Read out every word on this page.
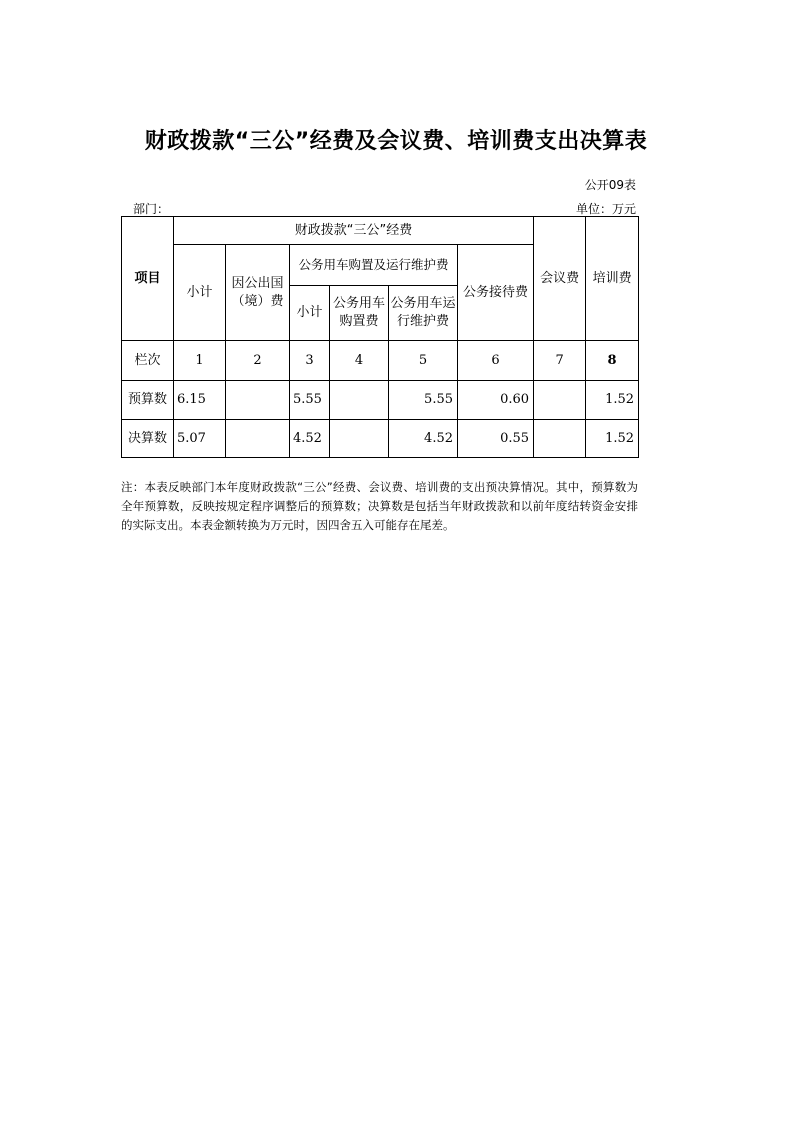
财政拨款“三公”经费及会议费、培训费支出决算表
公开09表
部门：	单位：万元
项目	财政拨款“三公”经费						会议费	培训费
	小计	因公出国（境）费	公务用车购置及运行维护费			公务接待费		
			小计	公务用车购置费	公务用车运行维护费			
栏次	1	2	3	4	5	6	7	8
预算数	6.15		5.55		5.55	0.60		1.52
决算数	5.07		4.52		4.52	0.55		1.52
注：本表反映部门本年度财政拨款“三公”经费、会议费、培训费的支出预决算情况。其中，预算数为全年预算数，反映按规定程序调整后的预算数；决算数是包括当年财政拨款和以前年度结转资金安排的实际支出。本表金额转换为万元时，因四舍五入可能存在尾差。
